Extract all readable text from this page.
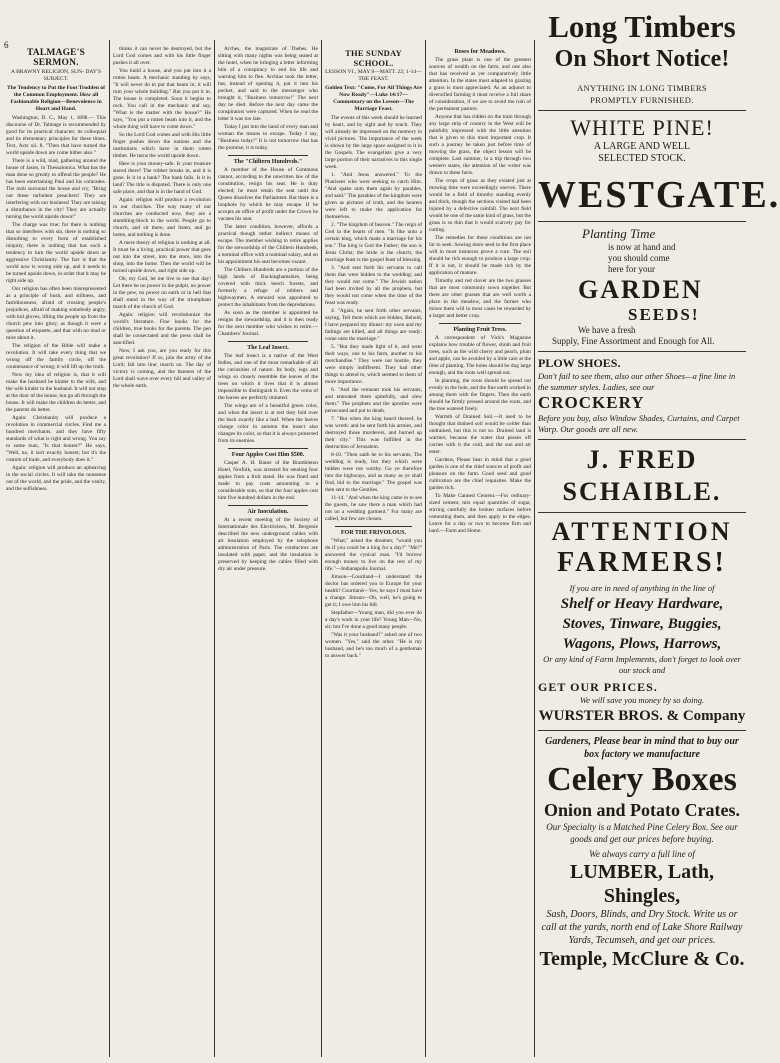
6
TALMAGE'S SERMON.
A BRAWNY RELIGION, SUN- DAY'S SUBJECT.
The Tendency to Put the Foot Trodden of the Common Employment. How all Fashionable Religion—Benevolence in Heart and Hand.

Washington, D. C., May 1, 1898.— This discourse of Dr. Talmage is recommended by good for its practical character, its colloquial and its elementary principles for these times. Text, Acts xii. 8, "Then that have turned the world upside down are come hither also."

There is a wild, mad, gathering around the house of Jason, in Thessalonica. What has the man done so greatly to offend the people? He has been entertaining Paul and his comrades. The mob surround the house and cry, "Bring out these turbulent preachers! They are interfering with our business! They are raising a disturbance in the city! They are actually turning the world upside down!"

The charge was true; for there is nothing that so interferes with sin, there is nothing so disturbing to every form of established iniquity, there is nothing that has such a tendency to turn the world upside down as aggressive Christianity. The fact is that the world now is wrong side up, and it needs to be turned upside down, in order that it may be right side up.

Our religion has often been misrepresented as a principle of hush, and stillness, and fastidiousness, afraid of crossing people's prejudices, afraid of making somebody angry, with kid gloves, lifting the people up from the church pew into glory, as though it were a question of etiquette, and that with no mud or mire about it.

The religion of the Bible will make a revolution. It will take every thing that we wrong off the family circle, off the countenance of wrong; it will lift up the truth.

Now my idea of religion is, that it will make the husband be kinder to the wife, and the wife kinder to the husband. It will not stop at the door of the house, but go all through the house. It will make the children do better, and the parents do better.

Again: Christianity will produce a revolution in commercial circles. Find me a hundred merchants, and they have fifty standards of what is right and wrong. You say to some man, "Is that honest?" He says, "Well, no, it isn't exactly honest; but it's the custom of trade, and everybody does it."

Again: religion will produce an upheaving in the social circles. It will take the nonsense out of the world, and the pride, and the vanity, and the selfishness.

thinks it can never be destroyed, but the Lord God comes and with his little finger pushes it all over.

You build a house, and you put into it a rotten beam. A mechanic standing by says, "It will never do to put that beam in; it will ruin your whole building." But you put it in. The house is completed. Soon it begins to rock. You call in the mechanic and say, "What is the matter with the house?" He says, "You put a rotten beam into it, and the whole thing will have to come down."

So the Lord God comes and with His little finger pushes down the nations and the institutions which have in them rotten timber. He turns the world upside down.

Here is your money-safe. Is your treasure stored there? The robber breaks in, and it is gone. Is it in a bank? The bank fails. Is it in land? The title is disputed. There is only one safe place, and that is in the hand of God.

Again: religion will produce a revolution in our churches. The way many of our churches are conducted now, they are a stumbling-block to the world. People go to church, and sit there, and listen, and go home, and nothing is done.

A mere theory of religion is nothing at all. It must be a living, practical power that goes out into the street, into the store, into the shop, into the home. Then the world will be turned upside down, and right side up.

Oh, my God, let me live to see that day! Let there be no power in the pulpit, no power in the pew, no power on earth or in hell that shall stand in the way of the triumphant march of the church of God.

Again: religion will revolutionize the world's literature. Fine books for the children, true books for the parents. The pen shall be consecrated and the press shall be sanctified.

Now, I ask you, are you ready for this great revolution? If so, join the army of the Lord; fall into line; march on. The day of victory is coming, and the banners of the Lord shall wave over every hill and valley of the whole earth.

Arches, the magistrate of Thebes. He sitting with many nights was being seated at the hotel, when he bringing a letter informing him of a conspiracy to end his life and warning him to flee. Archias took the letter, but, instead of opening it, put it into his pocket, and said to the messenger who brought it, "Business tomorrow!" The next day he died. Before the next day came the conspirators were captured. When he read the letter it was too late.

Today I put into the hand of every man and woman the means to escape. Today I say, "Business today!" It is not tomorrow that has the promise, it is today.

The "Chiltern Hundreds."

A member of the House of Commons cannot, according to the unwritten law of the constitution, resign his seat. He is duty elected; he must retain the seat until the Queen dissolves the Parliament. But there is a loophole by which he may escape. If he accepts an office of profit under the Crown he vacates his seat.

The latter condition, however, affords a practical though rather indirect means of escape. The member wishing to retire applies for the stewardship of the Chiltern Hundreds, a nominal office with a nominal salary, and on his appointment his seat becomes vacant.

The Chiltern Hundreds are a portion of the high lands of Buckinghamshire, being covered with thick beech forests, and formerly a refuge of robbers and highwaymen. A steward was appointed to protect the inhabitants from the depredations.

As soon as the member is appointed he resigns the stewardship, and it is then ready for the next member who wishes to retire.—Chambers' Journal.

The Leaf Insect.

The leaf insect is a native of the West Indies, and one of the most remarkable of all the curiosities of nature. Its body, legs and wings so closely resemble the leaves of the trees on which it lives that it is almost impossible to distinguish it. Even the veins of the leaves are perfectly imitated.

The wings are of a beautiful green color, and when the insect is at rest they fold over the back exactly like a leaf. When the leaves change color in autumn the insect also changes its color, so that it is always protected from its enemies.

Four Apples Cost Him $500.

Casper A. H. Bauer of the Brambleton Hotel, Norfolk, was arrested for stealing four apples from a fruit stand. He was fined and made to pay costs amounting to a considerable sum, so that the four apples cost him five hundred dollars in the end.

Air Inoculation.

At a recent meeting of the Society of Internationale des Electriciens, M. Bergonie described the new underground cables with air insulation employed by the telephone administration of Paris. The conductors are insulated with paper, and the insulation is preserved by keeping the cables filled with dry air under pressure.

THE SUNDAY SCHOOL.
LESSON VI., MAY 8—MATT. 22; 1-14—THE FEAST.
Golden Text: "Come, For All Things Are Now Ready"—Luke 14:17—Commentary on the Lesson—The Marriage Feast.

The events of this week should be learned by heart, and by sight and by touch. They will already be impressed on the memory in vivid pictures. The importance of the week is shown by the large space assigned to it in the Gospels. The evangelists give a very large portion of their narratives to this single week.

1. "And Jesus answered." To the Pharisees who were seeking to catch Him. "And spake unto them again by parables, and said." The parables of the kingdom were given as pictures of truth, and the hearers were left to make the application for themselves.

2. "The kingdom of heaven." The reign of God in the hearts of men. "Is like unto a certain king, which made a marriage for his son." The king is God the Father; the son is Jesus Christ; the bride is the church; the marriage feast is the gospel feast of blessing.

3. "And sent forth his servants to call them that were bidden to the wedding: and they would not come." The Jewish nation had been invited by all the prophets, but they would not come when the time of the feast was ready.

4. "Again, he sent forth other servants, saying, Tell them which are bidden, Behold, I have prepared my dinner: my oxen and my fatlings are killed, and all things are ready: come unto the marriage."

5. "But they made light of it, and went their ways, one to his farm, another to his merchandise." They were not hostile, they were simply indifferent. They had other things to attend to, which seemed to them of more importance.

6. "And the remnant took his servants, and entreated them spitefully, and slew them." The prophets and the apostles were persecuted and put to death.

7. "But when the king heard thereof, he was wroth: and he sent forth his armies, and destroyed those murderers, and burned up their city." This was fulfilled in the destruction of Jerusalem.

8-10. "Then saith he to his servants, The wedding is ready, but they which were bidden were not worthy. Go ye therefore into the highways, and as many as ye shall find, bid to the marriage." The gospel was then sent to the Gentiles.

11-14. "And when the king came in to see the guests, he saw there a man which had not on a wedding garment." For many are called, but few are chosen.

FOR THE FRIVOLOUS.

"What," asked the dreamer, "would you do if you could be a king for a day?" "Me?" answered the cynical man. "I'd borrow enough money to live on the rest of my life."—Indianapolis Journal.

Jimson—Courtland—I understand the doctor has ordered you to Europe for your health? Courtland—Yes; he says I must have a change. Jimson—Oh, well, he's going to get it; I owe him his bill.

Stepfather—Young man, did you ever do a day's work in your life? Young Man—No, sir; but I've done a good many people.

"Was it your husband?" asked one of two women. "Yes," said the other. "He is my husband, and he's too much of a gentleman to answer back."

Roses for Meadows.

The grass plant is one of the greatest sources of wealth on the farm, and one also that has received as yet comparatively little attention. In the states most adapted to grazing a grass is most appreciated. As an adjunct to diversified farming it must receive a full share of consideration, if we are to avoid the ruin of the permanent pasture.

Anyone that has ridden on the train through any large strip of country in the West will be painfully impressed with the little attention that is given to this most important crop. It such a journey be taken just before time of mowing the grass, the object lesson will be complete. Last summer, in a trip through two western states, the attention of the writer was drawn to these facts.

The crops of grass as they existed just at mowing time were exceedingly uneven. There would be a field of timothy standing evenly and thick, though the sections visited had been injured by a defective rainfall. The next field would be one of the same kind of grass, but the grass is so thin that it would scarcely pay for cutting.

The remedies for these conditions are not far to seek. Sowing more seed in the first place will in most instances prove a cure. The soil should be rich enough to produce a large crop. If it is not, it should be made rich by the application of manure.

Timothy and red clover are the two grasses that are most commonly sown together. But there are other grasses that are well worth a place in the meadow, and the farmer who mixes them will in most cases be rewarded by a larger and better crop.

Planting Fruit Trees.

A correspondent of Vick's Magazine explains how trouble of flower, shrub and fruit trees, such as the wild cherry and peach, plum and apple, can be avoided by a little care at the time of planting. The holes should be dug large enough, and the roots well spread out.

In planting, the roots should be spread out evenly in the hole, and the fine earth worked in among them with the fingers. Then the earth should be firmly pressed around the roots, and the tree watered freely.

Warmth of Drained Soil.—It used to be thought that drained soil would be colder than undrained, but this is not so. Drained land is warmer, because the water that passes off carries with it the cold, and the sun and air enter.

Gardens, Please bear in mind that a good garden is one of the chief sources of profit and pleasure on the farm. Good seed and good cultivation are the chief requisites. Make the garden rich.

To Make Canned Cement.—For ordinary-sized cement, mix equal quantities of sugar, stirring carefully the broken surfaces before cementing them, and then apply to the edges. Leave for a day or two to become firm and hard.—Farm and Home.

Long Timbers
On Short Notice!
ANYTHING IN LONG TIMBERS
PROMPTLY FURNISHED.
WHITE PINE!
A LARGE AND WELL
SELECTED STOCK.
WESTGATE.
Planting Time
is now at hand and
you should come
here for your
GARDEN
SEEDS!
We have a fresh
Supply, Fine Assortment and Enough for All.
PLOW SHOES.
Don't fail to see them, also our other Shoes—a fine line in the summer styles. Ladies, see our
CROCKERY
Before you buy, also Window Shades, Curtains, and Carpet Warp. Our goods are all new.
J. FRED SCHAIBLE.
ATTENTION
FARMERS!
If you are in need of anything in the line of
Shelf or Heavy Hardware,
Stoves, Tinware, Buggies,
Wagons, Plows, Harrows,
Or any kind of Farm Implements, don't forget to look over our stock and
GET OUR PRICES.
We will save you money by so doing.
WURSTER BROS. & Company
Gardeners, Please bear in mind that to buy our box factory we manufacture
Celery Boxes
Onion and Potato Crates.
Our Specialty is a Matched Pine Celery Box. See our goods and get our prices before buying.
We always carry a full line of
LUMBER, Lath, Shingles,
Sash, Doors, Blinds, and Dry Stock. Write us or call at the yards, north end of Lake Shore Railway Yards, Tecumseh, and get our prices.
Temple, McClure & Co.
